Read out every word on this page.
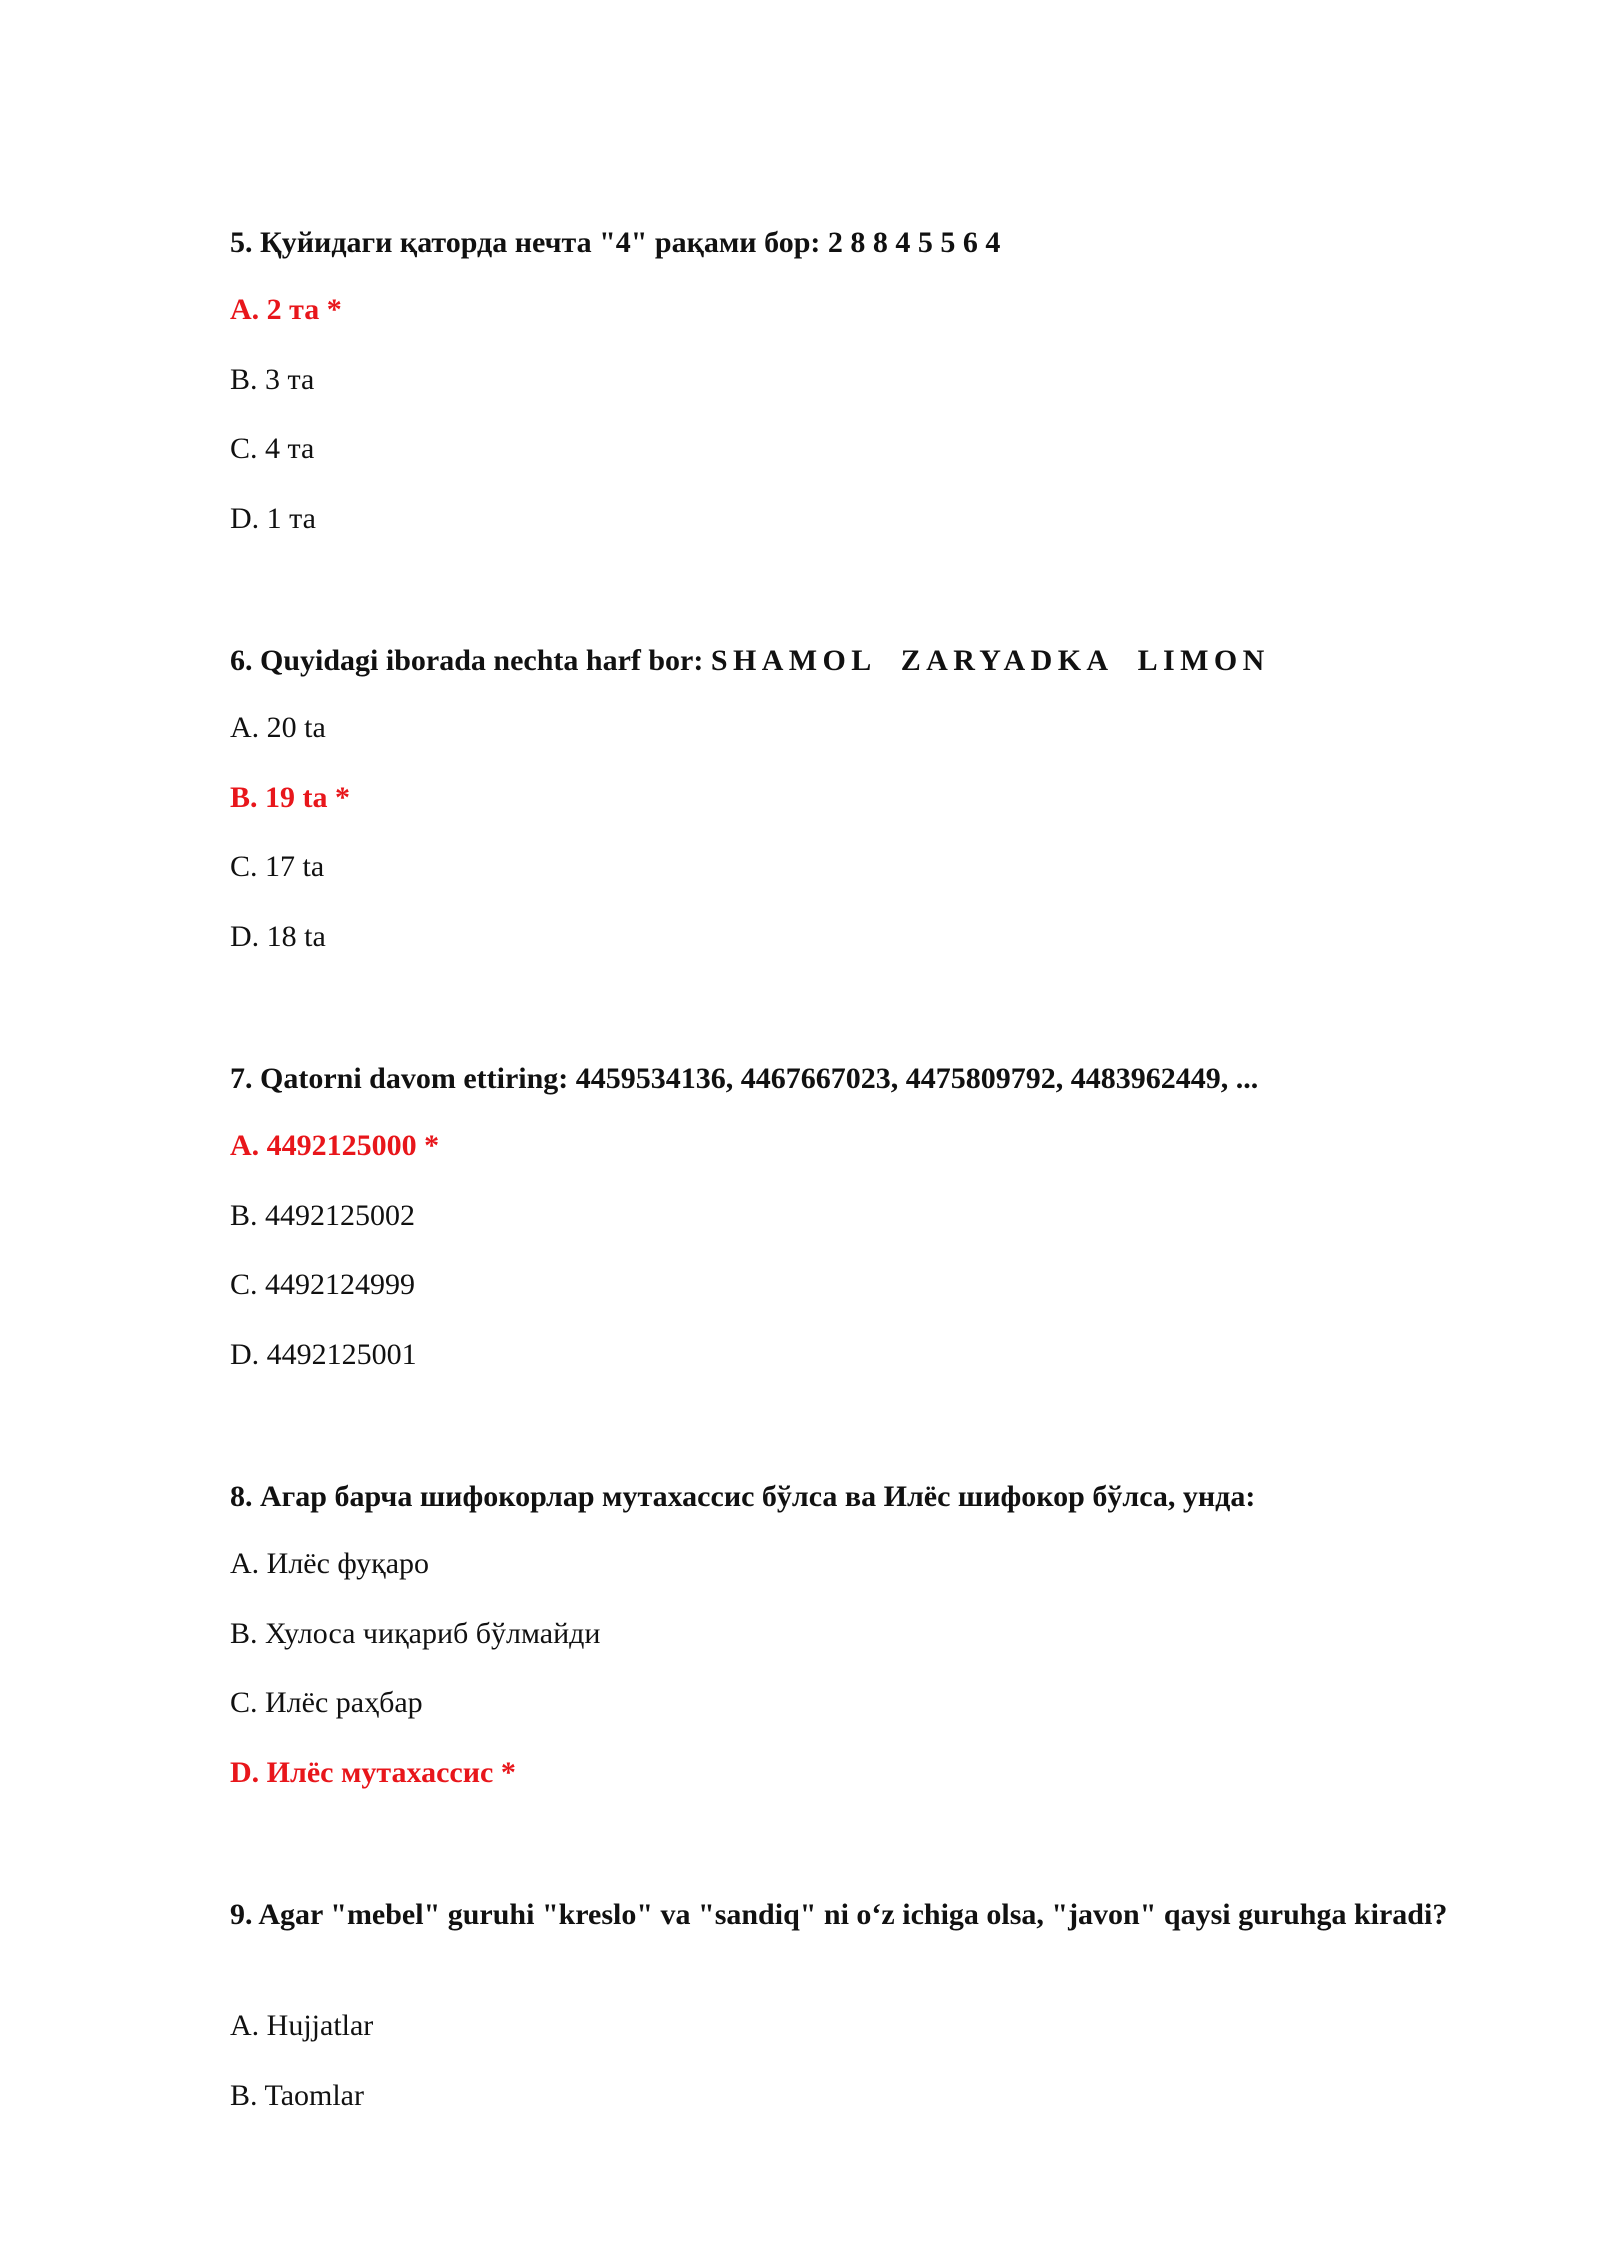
5. Қуйидаги қаторда нечта "4" рақами бор: 2 8 8 4 5 5 6 4

A. 2 та *

B. 3 та

C. 4 та

D. 1 та

6. Quyidagi iborada nechta harf bor: SHAMOL  ZARYADKA  LIMON

A. 20 ta

B. 19 ta *

C. 17 ta

D. 18 ta

7. Qatorni davom ettiring: 4459534136, 4467667023, 4475809792, 4483962449, ...

A. 4492125000 *

B. 4492125002

C. 4492124999

D. 4492125001

8. Агар барча шифокорлар мутахассис бўлса ва Илёс шифокор бўлса, унда:

A. Илёс фуқаро

B. Хулоса чиқариб бўлмайди

C. Илёс раҳбар

D. Илёс мутахассис *

9. Agar "mebel" guruhi "kreslo" va "sandiq" ni o‘z ichiga olsa, "javon" qaysi guruhga kiradi?

A. Hujjatlar

B. Taomlar
